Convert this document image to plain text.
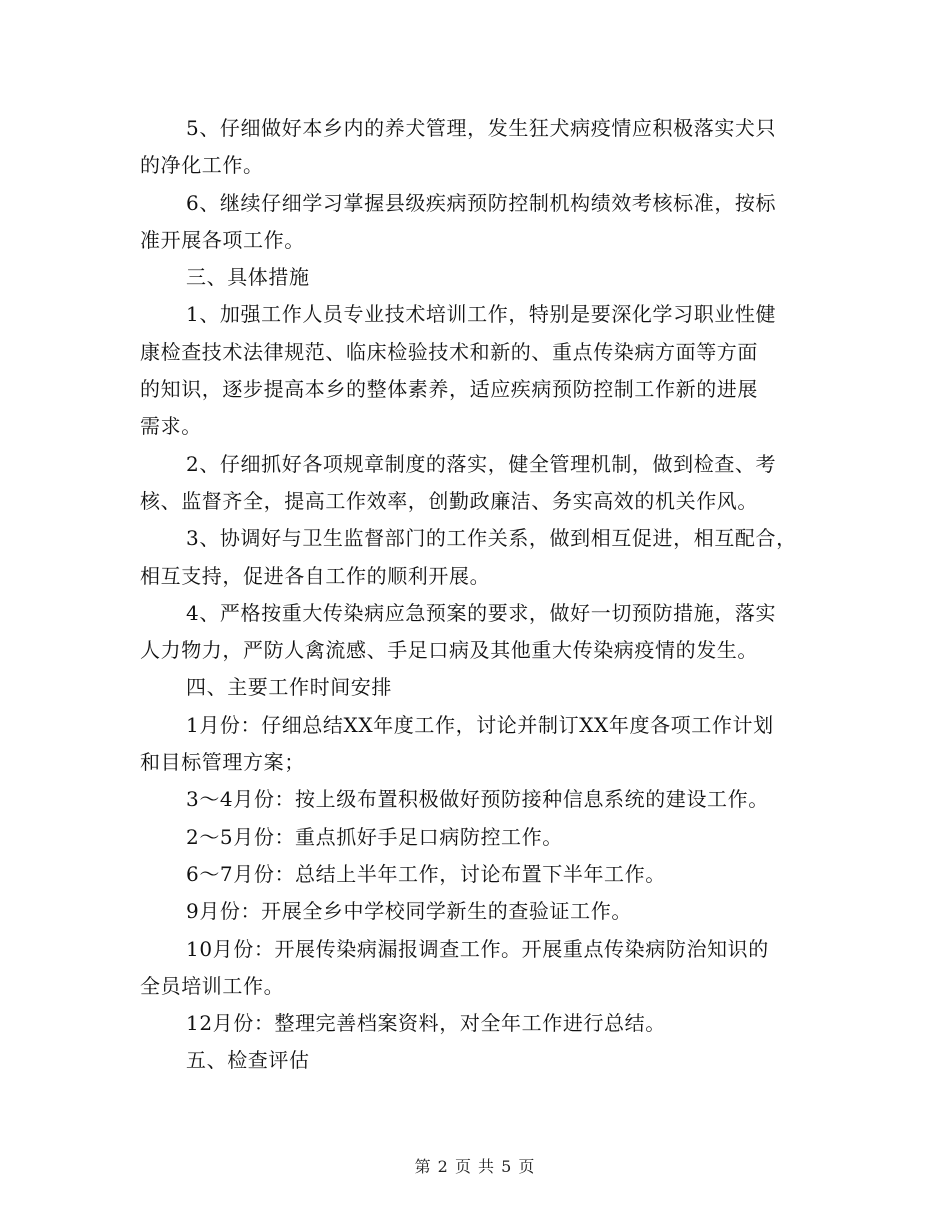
5、仔细做好本乡内的养犬管理，发生狂犬病疫情应积极落实犬只
的净化工作。
6、继续仔细学习掌握县级疾病预防控制机构绩效考核标准，按标
准开展各项工作。
三、具体措施
1、加强工作人员专业技术培训工作，特别是要深化学习职业性健
康检查技术法律规范、临床检验技术和新的、重点传染病方面等方面
的知识，逐步提高本乡的整体素养，适应疾病预防控制工作新的进展
需求。
2、仔细抓好各项规章制度的落实，健全管理机制，做到检查、考
核、监督齐全，提高工作效率，创勤政廉洁、务实高效的机关作风。
3、协调好与卫生监督部门的工作关系，做到相互促进，相互配合，
相互支持，促进各自工作的顺利开展。
4、严格按重大传染病应急预案的要求，做好一切预防措施，落实
人力物力，严防人禽流感、手足口病及其他重大传染病疫情的发生。
四、主要工作时间安排
1月份：仔细总结XX年度工作，讨论并制订XX年度各项工作计划
和目标管理方案；
3～4月份：按上级布置积极做好预防接种信息系统的建设工作。
2～5月份：重点抓好手足口病防控工作。
6～7月份：总结上半年工作，讨论布置下半年工作。
9月份：开展全乡中学校同学新生的查验证工作。
10月份：开展传染病漏报调查工作。开展重点传染病防治知识的
全员培训工作。
12月份：整理完善档案资料，对全年工作进行总结。
五、检查评估
第 2 页 共 5 页
